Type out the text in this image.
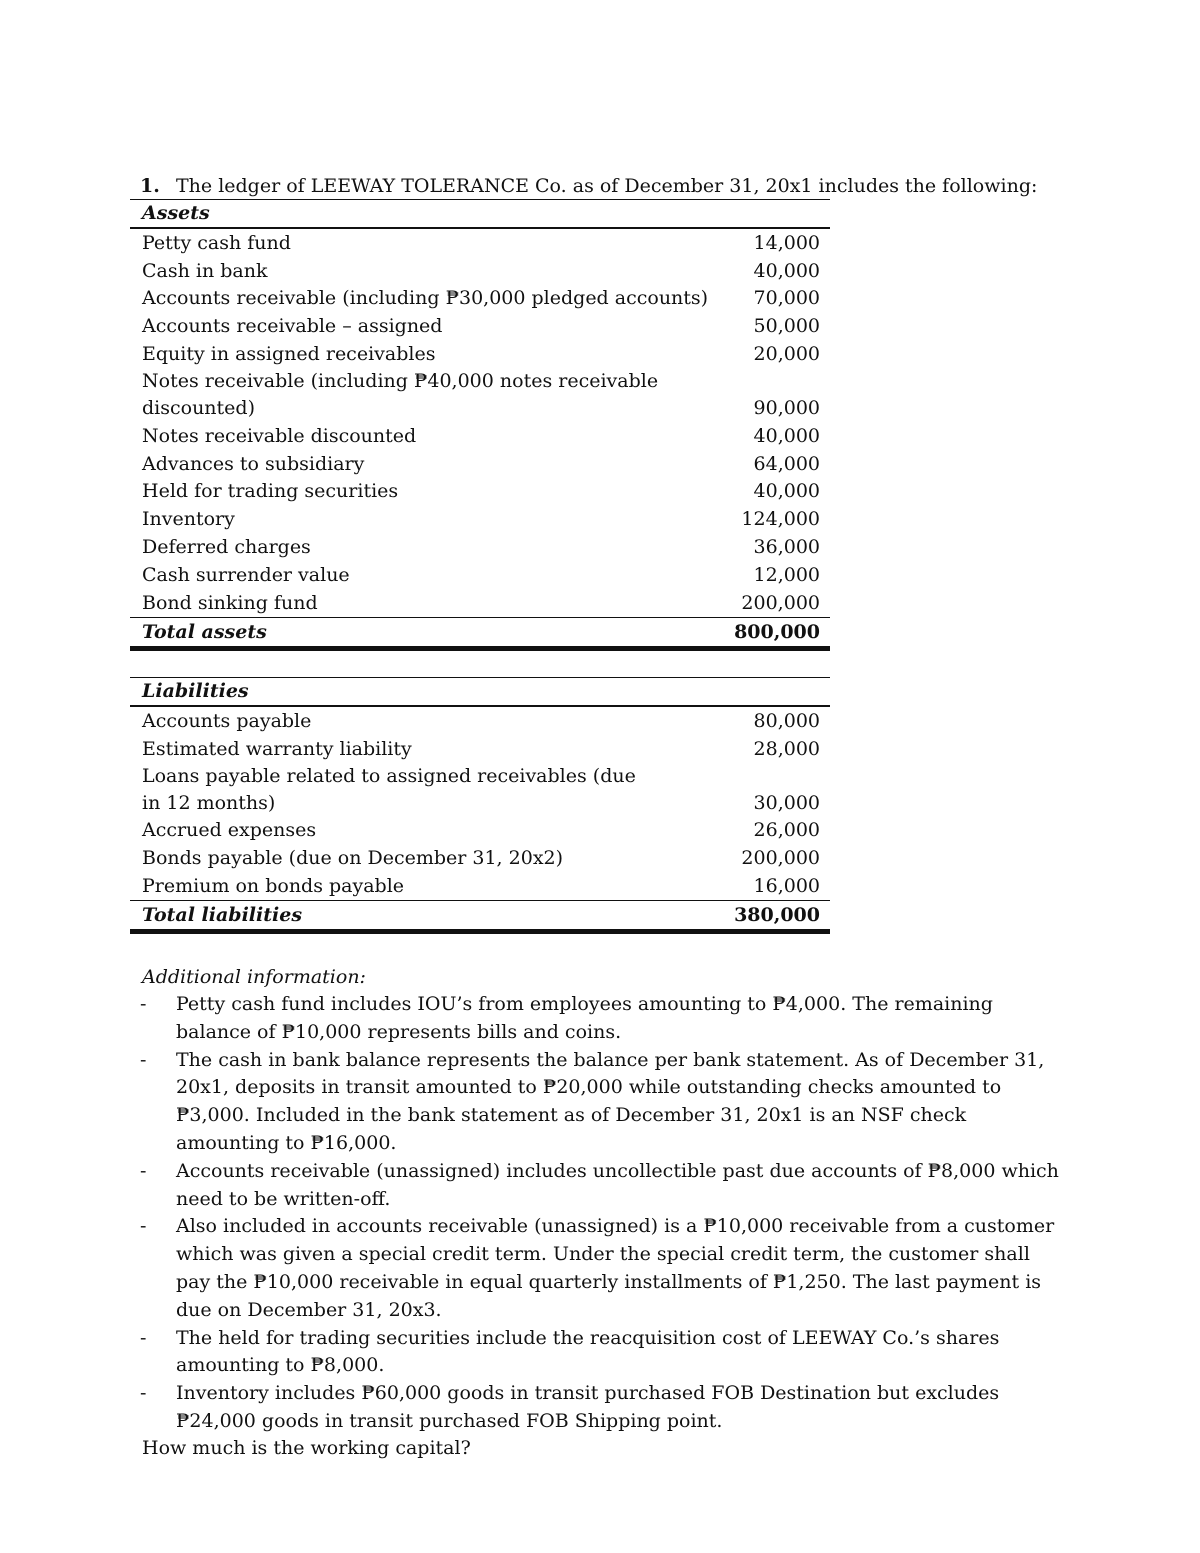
1. The ledger of LEEWAY TOLERANCE Co. as of December 31, 20x1 includes the following:
Assets	
Petty cash fund	14,000
Cash in bank	40,000
Accounts receivable (including ₱30,000 pledged accounts)	70,000
Accounts receivable – assigned	50,000
Equity in assigned receivables	20,000
Notes receivable (including ₱40,000 notes receivable discounted)	90,000
Notes receivable discounted	40,000
Advances to subsidiary	64,000
Held for trading securities	40,000
Inventory	124,000
Deferred charges	36,000
Cash surrender value	12,000
Bond sinking fund	200,000
Total assets	800,000
Liabilities	
Accounts payable	80,000
Estimated warranty liability	28,000
Loans payable related to assigned receivables (due in 12 months)	30,000
Accrued expenses	26,000
Bonds payable (due on December 31, 20x2)	200,000
Premium on bonds payable	16,000
Total liabilities	380,000
Additional information:
- Petty cash fund includes IOU’s from employees amounting to ₱4,000. The remaining balance of ₱10,000 represents bills and coins.
- The cash in bank balance represents the balance per bank statement. As of December 31, 20x1, deposits in transit amounted to ₱20,000 while outstanding checks amounted to ₱3,000. Included in the bank statement as of December 31, 20x1 is an NSF check amounting to ₱16,000.
- Accounts receivable (unassigned) includes uncollectible past due accounts of ₱8,000 which need to be written-off.
- Also included in accounts receivable (unassigned) is a ₱10,000 receivable from a customer which was given a special credit term. Under the special credit term, the customer shall pay the ₱10,000 receivable in equal quarterly installments of ₱1,250. The last payment is due on December 31, 20x3.
- The held for trading securities include the reacquisition cost of LEEWAY Co.’s shares amounting to ₱8,000.
- Inventory includes ₱60,000 goods in transit purchased FOB Destination but excludes ₱24,000 goods in transit purchased FOB Shipping point.
How much is the working capital?
